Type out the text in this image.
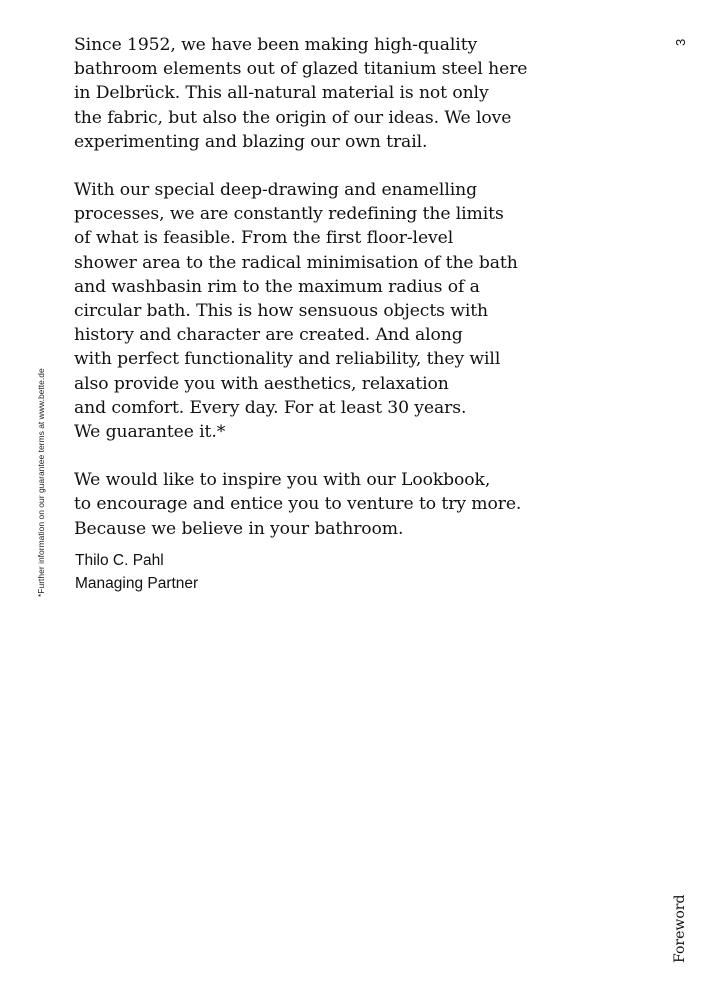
Since 1952, we have been making high-quality
bathroom elements out of glazed titanium steel here
in Delbrück. This all-natural material is not only
the fabric, but also the origin of our ideas. We love
experimenting and blazing our own trail.

With our special deep-drawing and enamelling
processes, we are constantly redefining the limits
of what is feasible. From the first floor-level
shower area to the radical minimisation of the bath
and washbasin rim to the maximum radius of a
circular bath. This is how sensuous objects with
history and character are created. And along
with perfect functionality and reliability, they will
also provide you with aesthetics, relaxation
and comfort. Every day. For at least 30 years.
We guarantee it.*

We would like to inspire you with our Lookbook,
to encourage and entice you to venture to try more.
Because we believe in your bathroom.

Thilo C. Pahl
Managing Partner
*Further information on our guarantee terms at www.bette.de
3
Foreword
